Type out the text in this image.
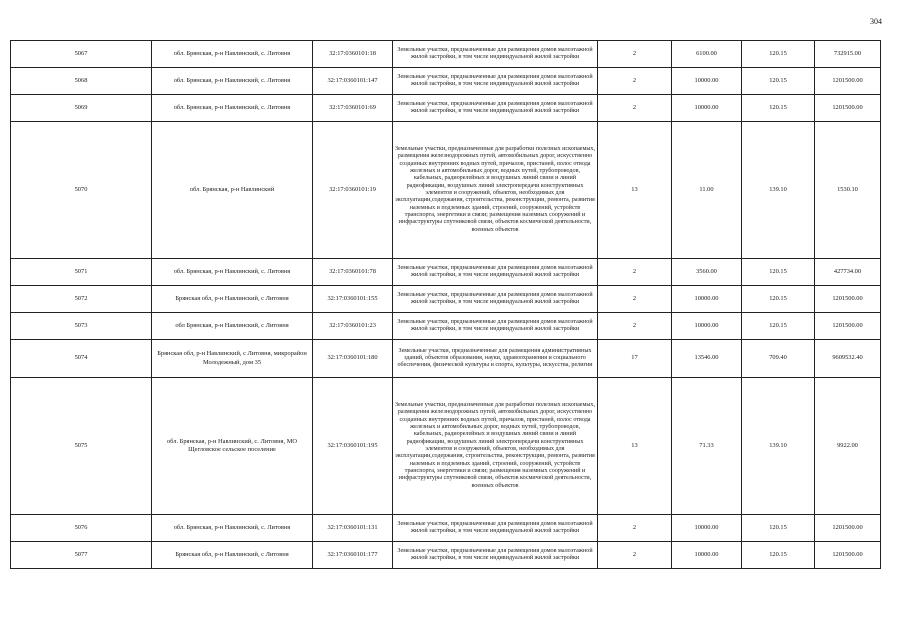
304
5067	обл. Брянская, р-н Навлинский, с. Литовня	32:17:0360101:18	Земельные участки, предназначенные для размещения домов малоэтажной жилой застройки, в том числе индивидуальной жилой застройки	2	6100.00	120.15	732915.00
5068	обл. Брянская, р-н Навлинский, с. Литовня	32:17:0360101:147	Земельные участки, предназначенные для размещения домов малоэтажной жилой застройки, в том числе индивидуальной жилой застройки	2	10000.00	120.15	1201500.00
5069	обл. Брянская, р-н Навлинский, с. Литовня	32:17:0360101:69	Земельные участки, предназначенные для размещения домов малоэтажной жилой застройки, в том числе индивидуальной жилой застройки	2	10000.00	120.15	1201500.00
5070	обл. Брянская, р-н Навлинский	32:17:0360101:19	Земельные участки, предназначенные для разработки полезных ископаемых, размещения железнодорожных путей, автомобильных дорог, искусственно созданных внутренних водных путей, причалов, пристаней, полос отвода железных и автомобильных дорог, водных путей, трубопроводов, кабельных, радиорелейных и воздушных линий связи и линий радиофикации, воздушных линий электропередачи конструктивных элементов и сооружений, объектов, необходимых для эксплуатации,содержания, строительства, реконструкции, ремонта, развития наземных и подземных зданий, строений, сооружений, устройств транспорта, энергетики и связи; размещения наземных сооружений и инфраструктуры спутниковой связи, объектов космической деятельности, военных объектов	13	11.00	139.10	1530.10
5071	обл. Брянская, р-н Навлинский, с. Литовня	32:17:0360101:78	Земельные участки, предназначенные для размещения домов малоэтажной жилой застройки, в том числе индивидуальной жилой застройки	2	3560.00	120.15	427734.00
5072	Брянская обл, р-н Навлинский, с Литовня	32:17:0360101:155	Земельные участки, предназначенные для размещения домов малоэтажной жилой застройки, в том числе индивидуальной жилой застройки	2	10000.00	120.15	1201500.00
5073	обл Брянская, р-н Навлинский, с Литовня	32:17:0360101:23	Земельные участки, предназначенные для размещения домов малоэтажной жилой застройки, в том числе индивидуальной жилой застройки	2	10000.00	120.15	1201500.00
5074	Брянская обл, р-н Навлинский, с Литовня, микрорайон Молодежный, дом 35	32:17:0360101:180	Земельные участки, предназначенные для размещения административных зданий, объектов образования, науки, здравоохранения и социального обеспечения, физической культуры и спорта, культуры, искусства, религии	17	13546.00	709.40	9609532.40
5075	обл. Брянская, р-н Навлинский, с. Литовня, МО Щегловское сельское поселение	32:17:0360101:195	Земельные участки, предназначенные для разработки полезных ископаемых, размещения железнодорожных путей, автомобильных дорог, искусственно созданных внутренних водных путей, причалов, пристаней, полос отвода железных и автомобильных дорог, водных путей, трубопроводов, кабельных, радиорелейных и воздушных линий связи и линий радиофикации, воздушных линий электропередачи конструктивных элементов и сооружений, объектов, необходимых для эксплуатации,содержания, строительства, реконструкции, ремонта, развития наземных и подземных зданий, строений, сооружений, устройств транспорта, энергетики и связи; размещения наземных сооружений и инфраструктуры спутниковой связи, объектов космической деятельности, военных объектов	13	71.33	139.10	9922.00
5076	обл. Брянская, р-н Навлинский, с. Литовня	32:17:0360101:131	Земельные участки, предназначенные для размещения домов малоэтажной жилой застройки, в том числе индивидуальной жилой застройки	2	10000.00	120.15	1201500.00
5077	Брянская обл, р-н Навлинский, с Литовня	32:17:0360101:177	Земельные участки, предназначенные для размещения домов малоэтажной жилой застройки, в том числе индивидуальной жилой застройки	2	10000.00	120.15	1201500.00
